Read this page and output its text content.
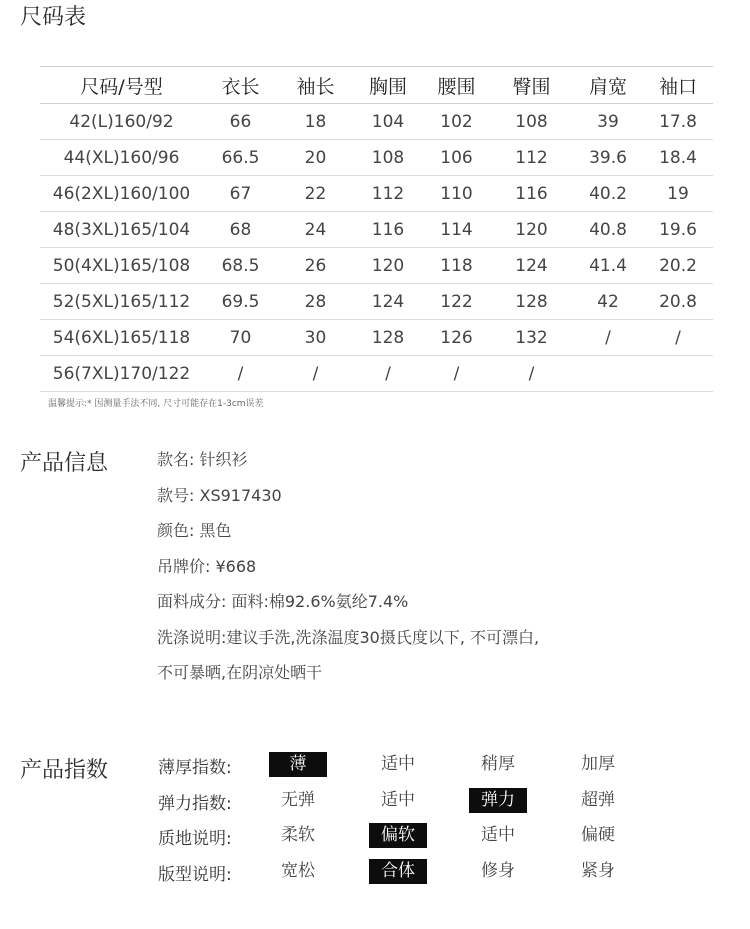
尺码表
尺码/号型	衣长	袖长	胸围	腰围	臀围	肩宽	袖口
42(L)160/92	66	18	104	102	108	39	17.8
44(XL)160/96	66.5	20	108	106	112	39.6	18.4
46(2XL)160/100	67	22	112	110	116	40.2	19
48(3XL)165/104	68	24	116	114	120	40.8	19.6
50(4XL)165/108	68.5	26	120	118	124	41.4	20.2
52(5XL)165/112	69.5	28	124	122	128	42	20.8
54(6XL)165/118	70	30	128	126	132	/	/
56(7XL)170/122	/	/	/	/	/		
温馨提示:* 因测量手法不同, 尺寸可能存在1-3cm误差
产品信息	款名: 针织衫
款号: XS917430
颜色: 黑色
吊牌价: ¥668
面料成分: 面料:棉92.6%氨纶7.4%
洗涤说明:建议手洗,洗涤温度30摄氏度以下, 不可漂白,
不可暴晒,在阴凉处晒干
产品指数	薄厚指数:	薄	适中	稍厚	加厚
弹力指数:	无弹	适中	弹力	超弹
质地说明:	柔软	偏软	适中	偏硬
版型说明:	宽松	合体	修身	紧身
